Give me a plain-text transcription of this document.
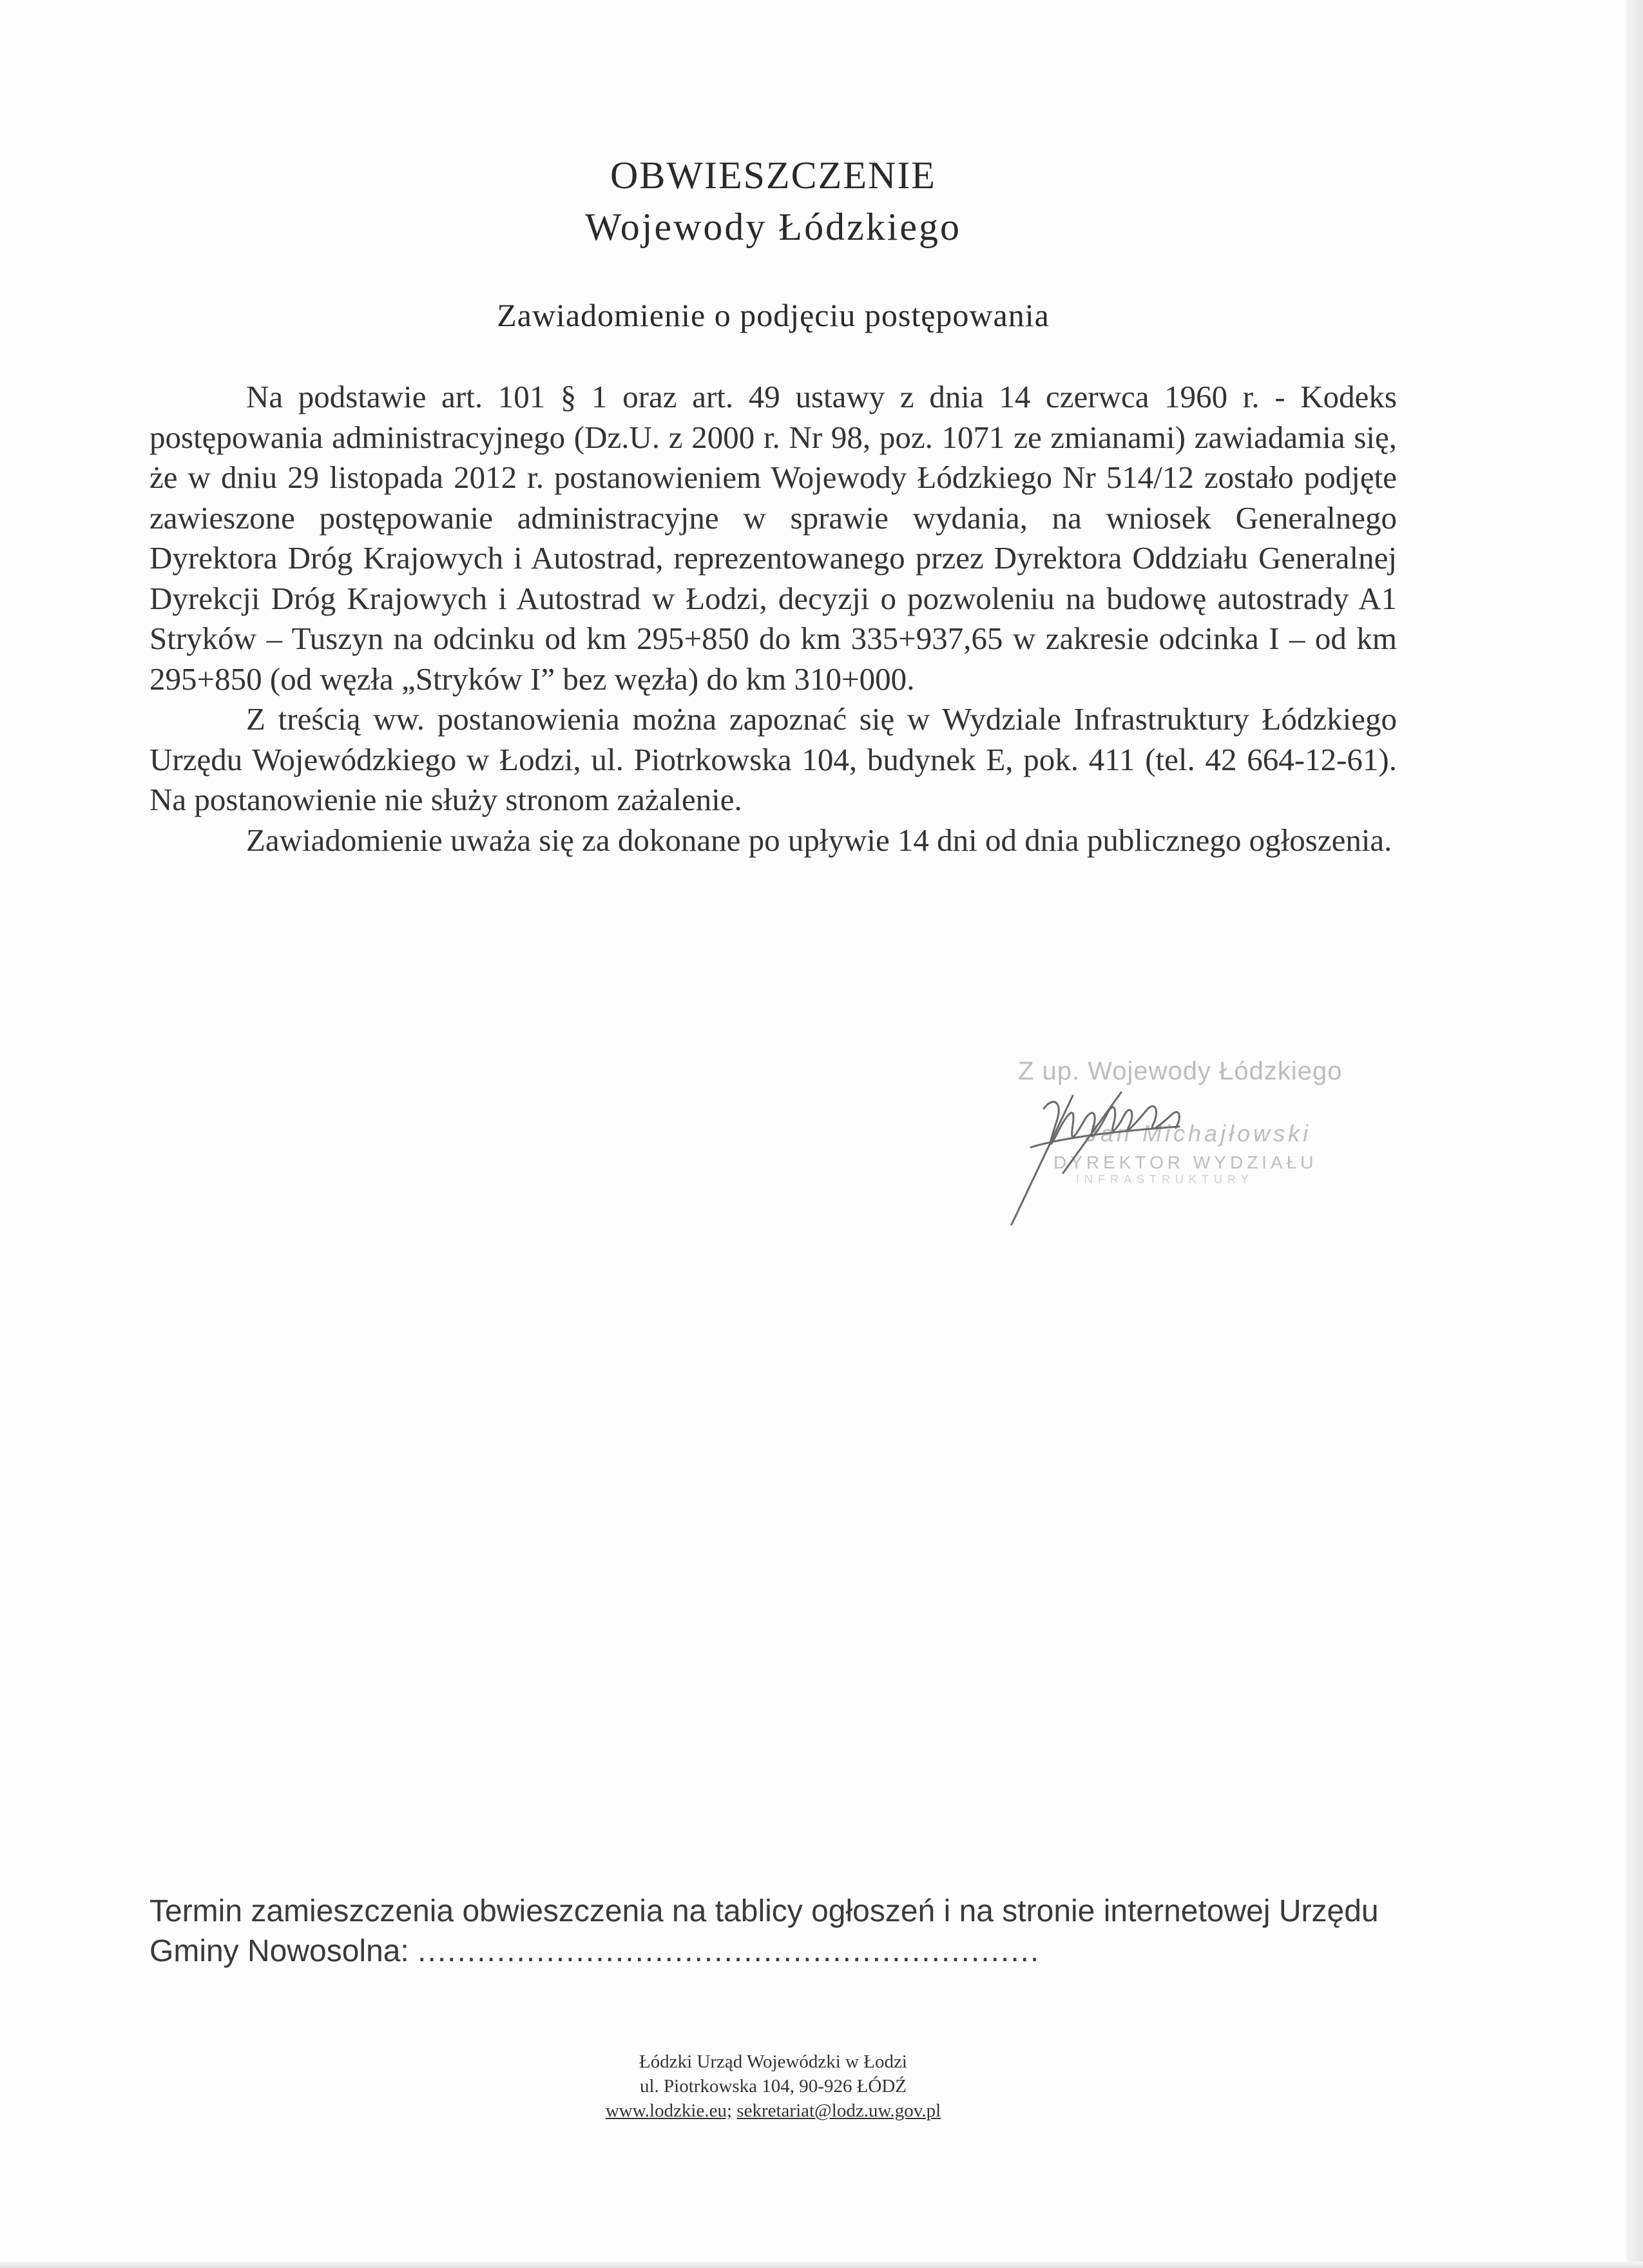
OBWIESZCZENIE
Wojewody Łódzkiego
Zawiadomienie o podjęciu postępowania

Na podstawie art. 101 § 1 oraz art. 49 ustawy z dnia 14 czerwca 1960 r. - Kodeks postępowania administracyjnego (Dz.U. z 2000 r. Nr 98, poz. 1071 ze zmianami) zawiadamia się, że w dniu 29 listopada 2012 r. postanowieniem Wojewody Łódzkiego Nr 514/12 zostało podjęte zawieszone postępowanie administracyjne w sprawie wydania, na wniosek Generalnego Dyrektora Dróg Krajowych i Autostrad, reprezentowanego przez Dyrektora Oddziału Generalnej Dyrekcji Dróg Krajowych i Autostrad w Łodzi, decyzji o pozwoleniu na budowę autostrady A1 Stryków – Tuszyn na odcinku od km 295+850 do km 335+937,65 w zakresie odcinka I – od km 295+850 (od węzła „Stryków I” bez węzła) do km 310+000.

Z treścią ww. postanowienia można zapoznać się w Wydziale Infrastruktury Łódzkiego Urzędu Wojewódzkiego w Łodzi, ul. Piotrkowska 104, budynek E, pok. 411 (tel. 42 664-12-61). Na postanowienie nie służy stronom zażalenie.

Zawiadomienie uważa się za dokonane po upływie 14 dni od dnia publicznego ogłoszenia.

Z up. Wojewody Łódzkiego
Jan Michajłowski
DYREKTOR WYDZIAŁU
INFRASTRUKTURY
Termin zamieszczenia obwieszczenia na tablicy ogłoszeń i na stronie internetowej Urzędu Gminy Nowosolna: ...............................................................
Łódzki Urząd Wojewódzki w Łodzi
ul. Piotrkowska 104, 90-926 ŁÓDŹ
www.lodzkie.eu; sekretariat@lodz.uw.gov.pl
